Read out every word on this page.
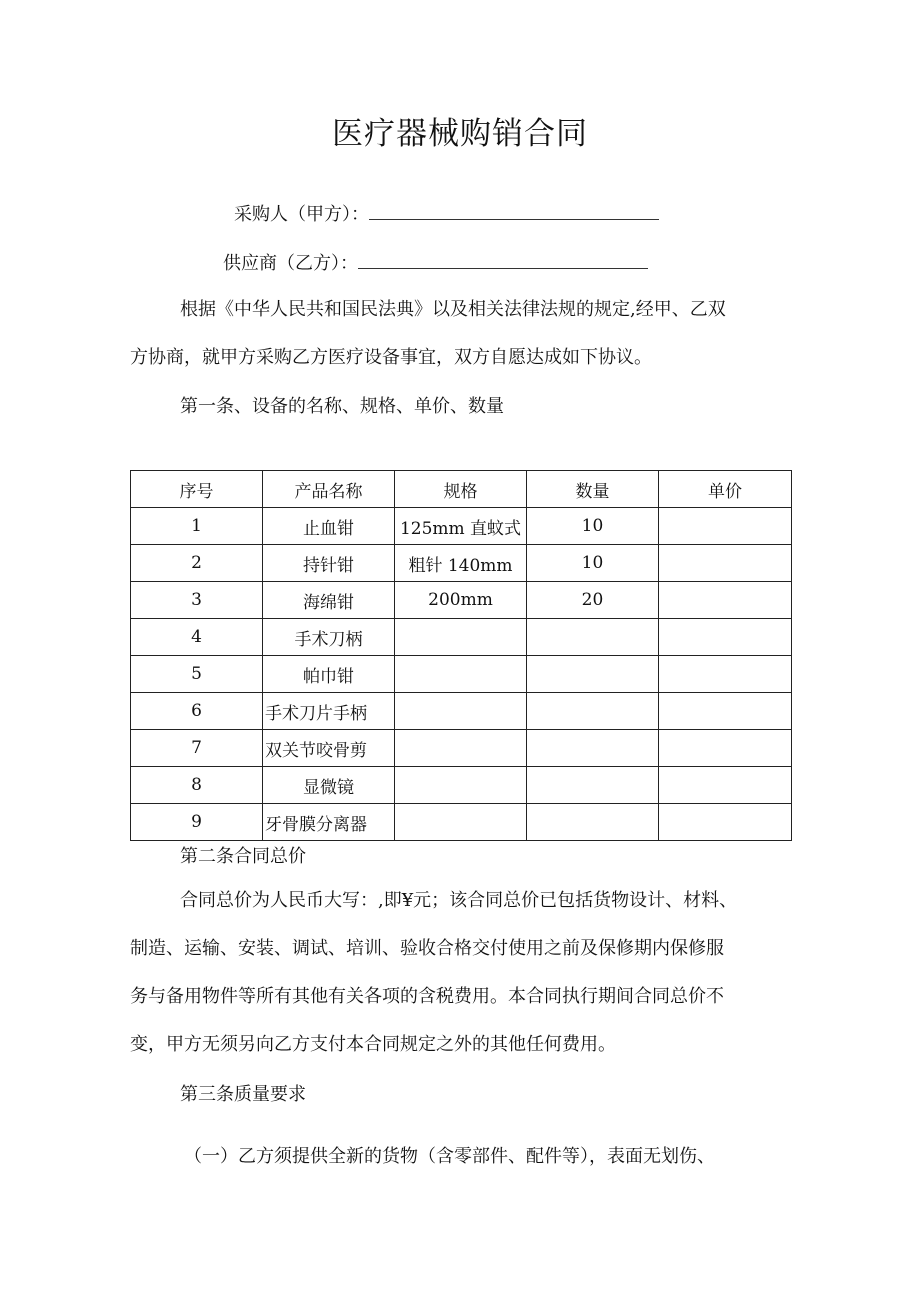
医疗器械购销合同
采购人（甲方）：
供应商（乙方）：
根据《中华人民共和国民法典》以及相关法律法规的规定,经甲、乙双
方协商，就甲方采购乙方医疗设备事宜，双方自愿达成如下协议。
第一条、设备的名称、规格、单价、数量
序号	产品名称	规格	数量	单价
1	止血钳	125mm 直蚊式	10	
2	持针钳	粗针 140mm	10	
3	海绵钳	200mm	20	
4	手术刀柄			
5	帕巾钳			
6	手术刀片手柄			
7	双关节咬骨剪			
8	显微镜			
9	牙骨膜分离器			
第二条合同总价
合同总价为人民币大写：,即¥元；该合同总价已包括货物设计、材料、
制造、运输、安装、调试、培训、验收合格交付使用之前及保修期内保修服
务与备用物件等所有其他有关各项的含税费用。本合同执行期间合同总价不
变，甲方无须另向乙方支付本合同规定之外的其他任何费用。
第三条质量要求
（一）乙方须提供全新的货物（含零部件、配件等），表面无划伤、
